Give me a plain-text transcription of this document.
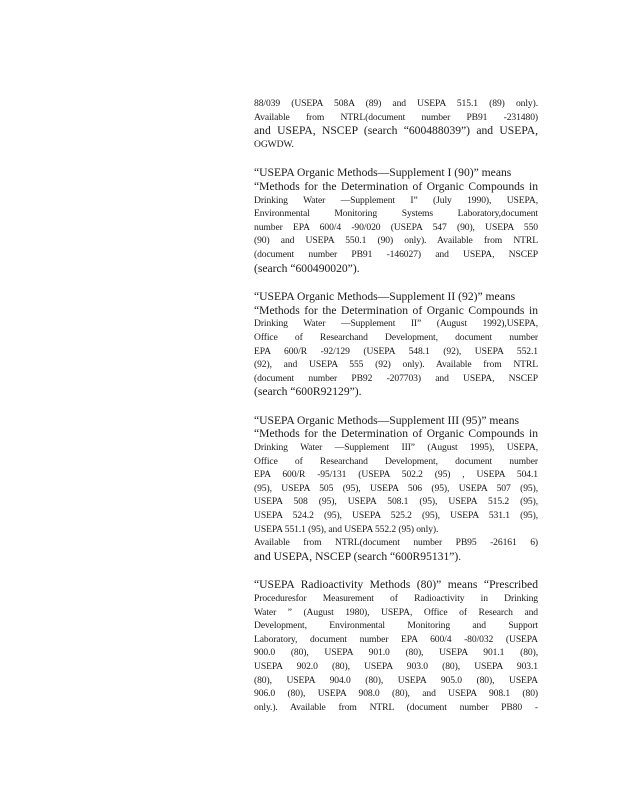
88/039 (USEPA 508A (89) and USEPA 515.1 (89) only).
Available from NTRL(document number PB91 -231480)
and USEPA, NSCEP (search “600488039”) and USEPA,
OGWDW.
“USEPA Organic Methods—Supplement I (90)” means
“Methods for the Determination of Organic Compounds in
Drinking Water —Supplement I” (July 1990), USEPA,
Environmental Monitoring Systems Laboratory,document
number EPA 600/4 -90/020 (USEPA 547 (90), USEPA 550
(90) and USEPA 550.1 (90) only). Available from NTRL
(document number PB91 -146027) and USEPA, NSCEP
(search “600490020”).
“USEPA Organic Methods—Supplement II (92)” means
“Methods for the Determination of Organic Compounds in
Drinking Water —Supplement II” (August 1992),USEPA,
Office of Researchand Development, document number
EPA 600/R -92/129 (USEPA 548.1 (92), USEPA 552.1
(92), and USEPA 555 (92) only). Available from NTRL
(document number PB92 -207703) and USEPA, NSCEP
(search “600R92129”).
“USEPA Organic Methods—Supplement III (95)” means
“Methods for the Determination of Organic Compounds in
Drinking Water —Supplement III” (August 1995), USEPA,
Office of Researchand Development, document number
EPA 600/R -95/131 (USEPA 502.2 (95) , USEPA 504.1
(95), USEPA 505 (95), USEPA 506 (95), USEPA 507 (95),
USEPA 508 (95), USEPA 508.1 (95), USEPA 515.2 (95),
USEPA 524.2 (95), USEPA 525.2 (95), USEPA 531.1 (95),
USEPA 551.1 (95), and USEPA 552.2 (95) only).
Available from NTRL(document number PB95 -26161 6)
and USEPA, NSCEP (search “600R95131”).
“USEPA Radioactivity Methods (80)” means “Prescribed
Proceduresfor Measurement of Radioactivity in Drinking
Water ” (August 1980), USEPA, Office of Research and
Development, Environmental Monitoring and Support
Laboratory, document number EPA 600/4 -80/032 (USEPA
900.0 (80), USEPA 901.0 (80), USEPA 901.1 (80),
USEPA 902.0 (80), USEPA 903.0 (80), USEPA 903.1
(80), USEPA 904.0 (80), USEPA 905.0 (80), USEPA
906.0 (80), USEPA 908.0 (80), and USEPA 908.1 (80)
only.). Available from NTRL (document number PB80 -
